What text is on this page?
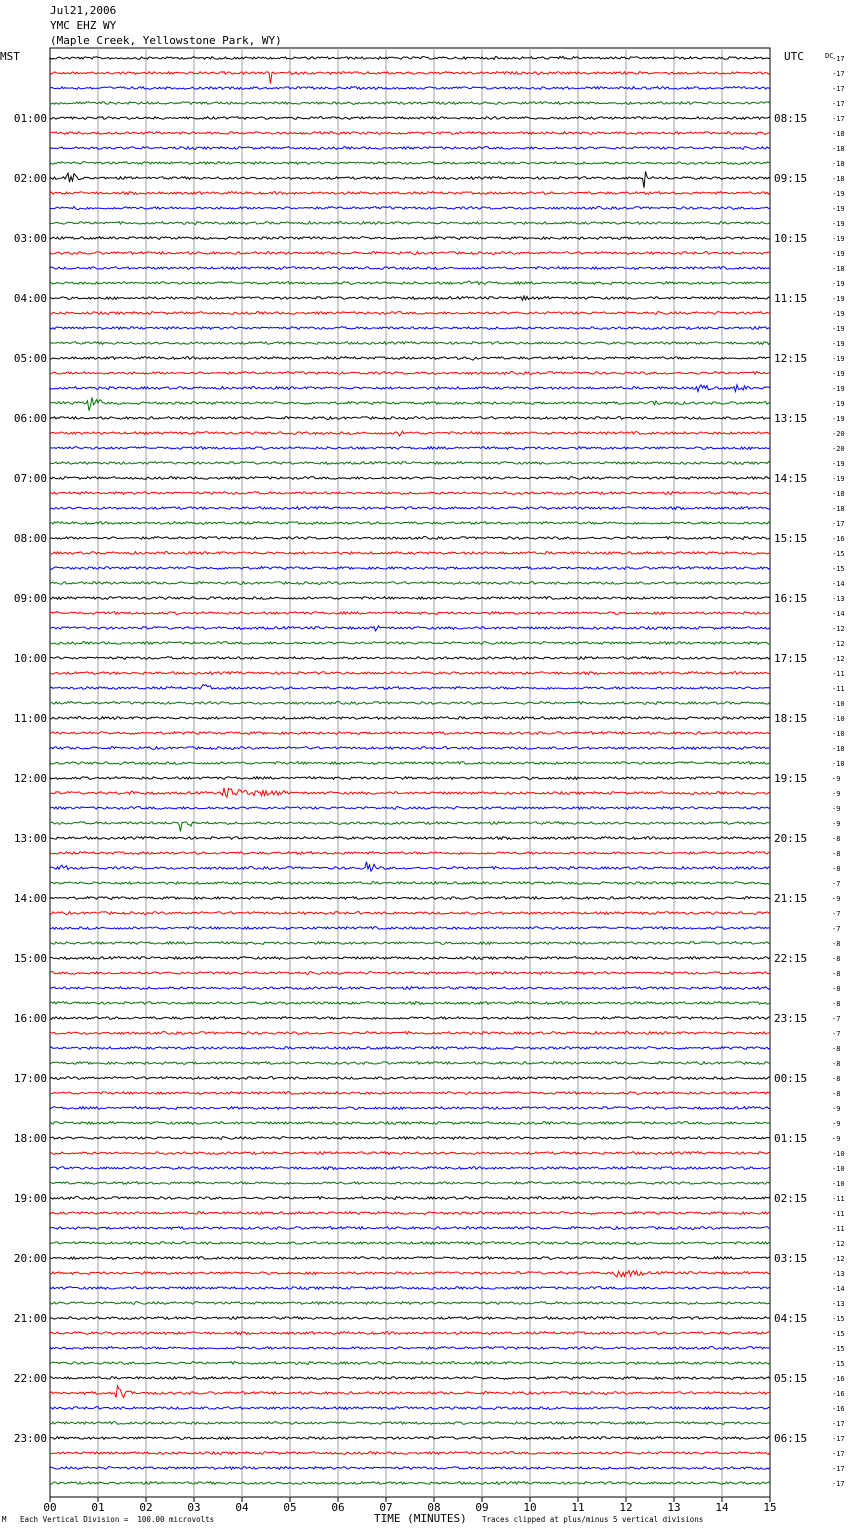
Jul21,2006
YMC EHZ WY
(Maple Creek, Yellowstone Park, WY)
00	01	02	03	04	05	06	07	08	09	10	11	12	13	14	15
-17
-17
-17
-17
-17
-18
-18
-18
-18
-19
-19
-19
-19
-19
-18
-19
-19
-19
-19
-19
-19
-19
-19
-19
-19
-20
-20
-19
-19
-18
-18
-17
-16
-15
-15
-14
-13
-14
-12
-12
-12
-11
-11
-10
-10
-10
-10
-10
-9
-9
-9
-9
-8
-8
-8
-7
-9
-7
-7
-8
-8
-8
-8
-8
-7
-7
-8
-8
-8
-8
-9
-9
-9
-10
-10
-10
-11
-11
-11
-12
-12
-13
-14
-13
-15
-15
-15
-15
-16
-16
-16
-17
-17
-17
-17
-17
01:00
02:00
03:00
04:00
05:00
06:00
07:00
08:00
09:00
10:00
11:00
12:00
13:00
14:00
15:00
16:00
17:00
18:00
19:00
20:00
21:00
22:00
23:00
08:15
09:15
10:15
11:15
12:15
13:15
14:15
15:15
16:15
17:15
18:15
19:15
20:15
21:15
22:15
23:15
00:15
01:15
02:15
03:15
04:15
05:15
06:15
MST	UTC	DC
TIME (MINUTES)
M Each Vertical Division =  100.00 microvolts	Traces clipped at plus/minus 5 vertical divisions
